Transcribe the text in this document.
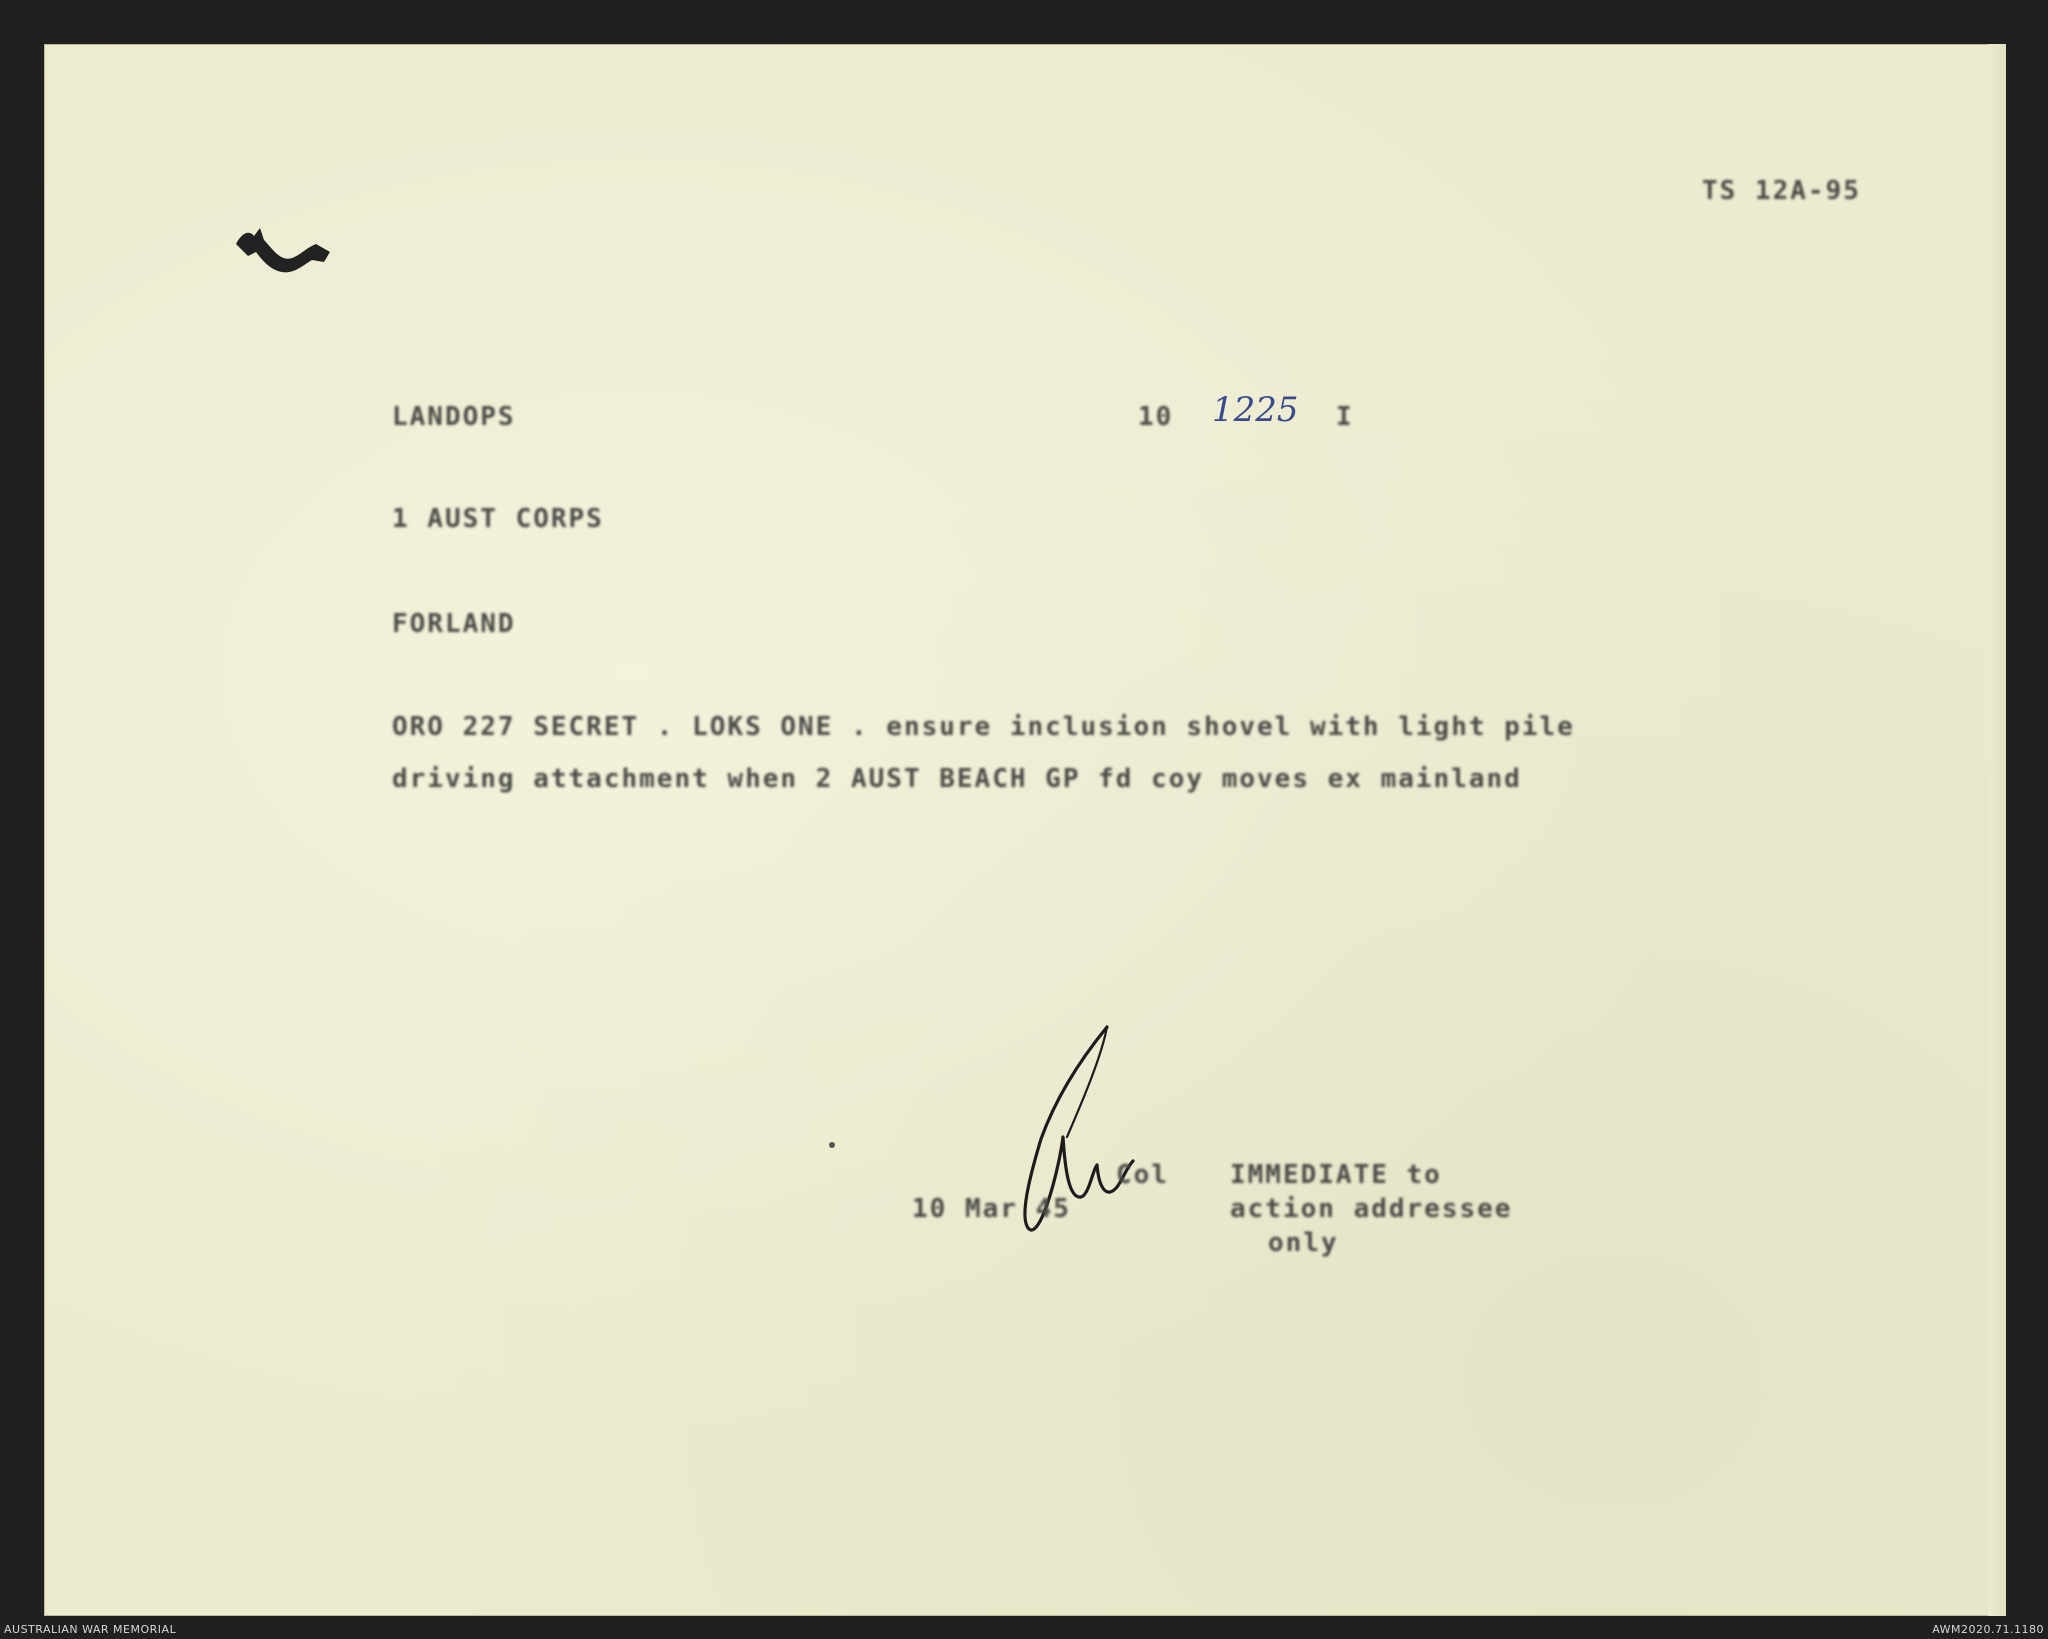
TS 12A-95
LANDOPS	10 1225 I
1 AUST CORPS
FORLAND
ORO 227 SECRET . LOKS ONE . ensure inclusion shovel with light pile
driving attachment when 2 AUST BEACH GP fd coy moves ex mainland
Col
10 Mar 45
IMMEDIATE to
action addressee
only
AUSTRALIAN WAR MEMORIAL	AWM2020.71.1180
